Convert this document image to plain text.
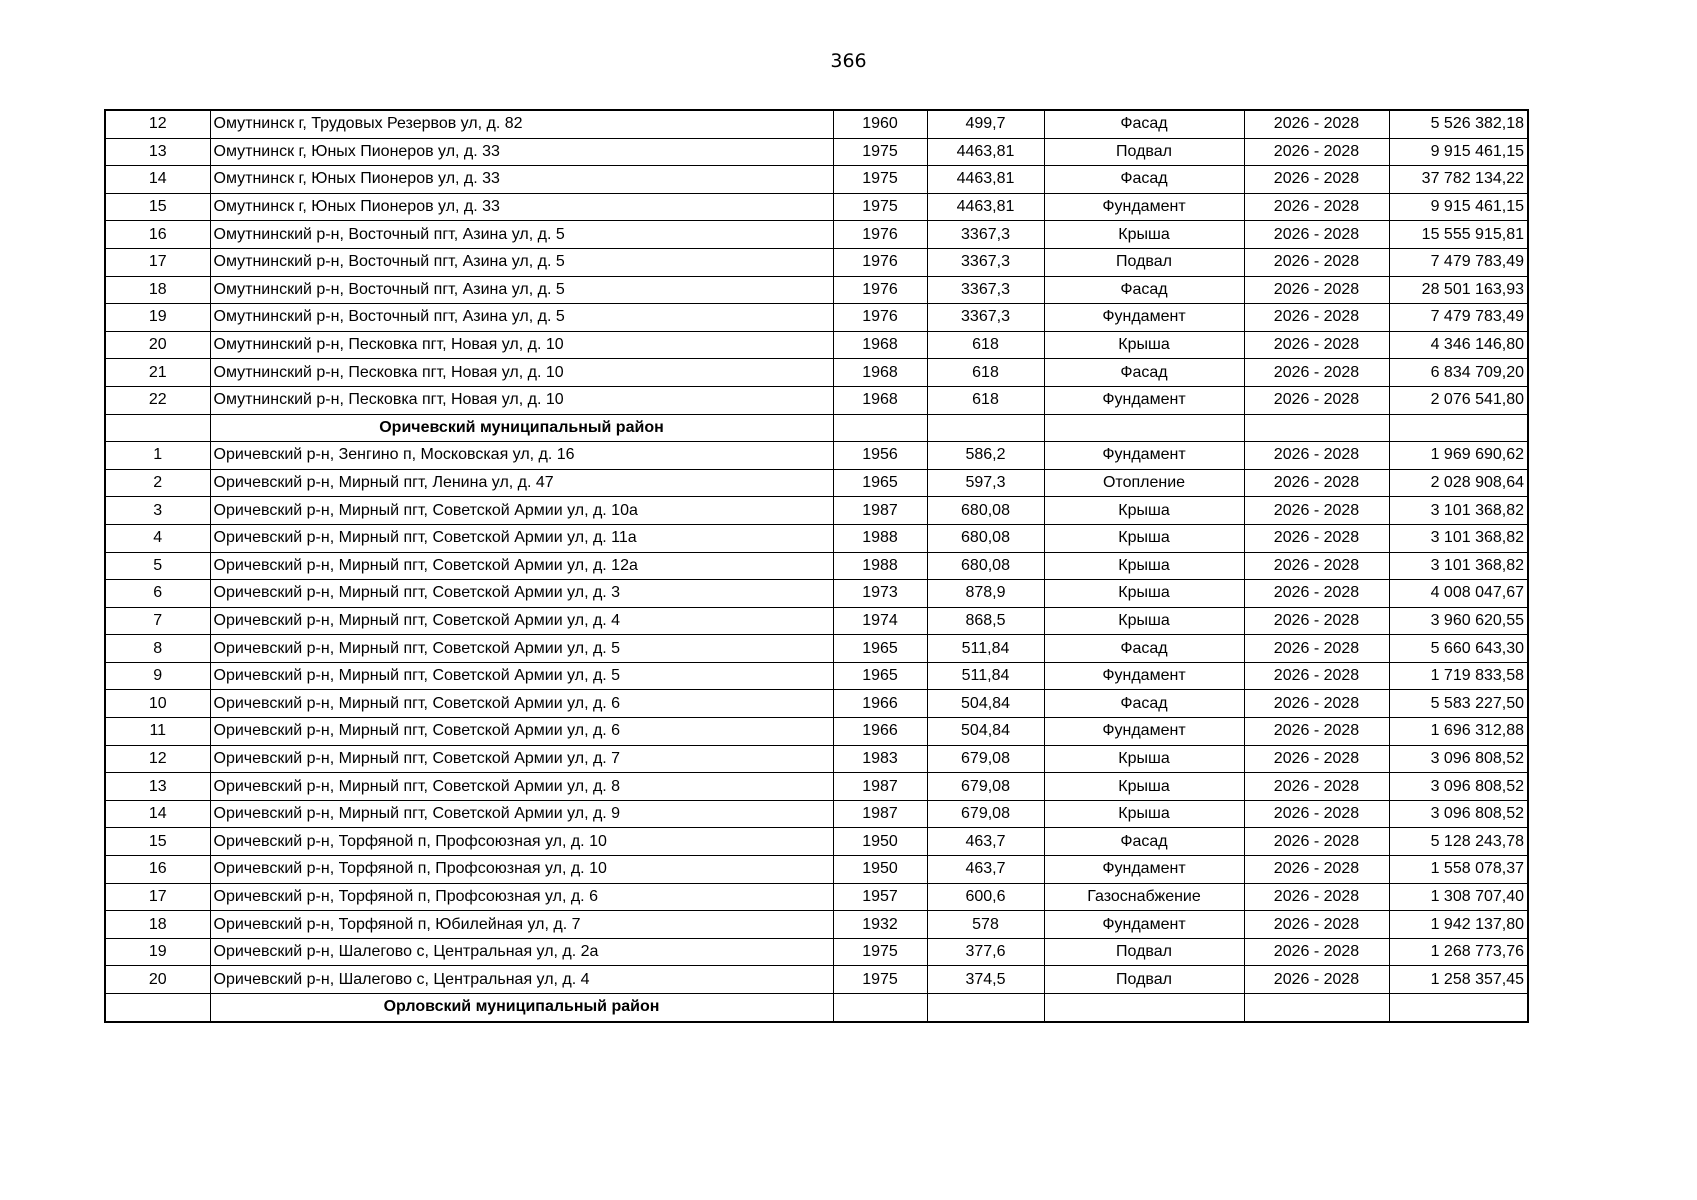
366
12	Омутнинск г, Трудовых Резервов ул, д. 82	1960	499,7	Фасад	2026 - 2028	5 526 382,18
13	Омутнинск г, Юных Пионеров ул, д. 33	1975	4463,81	Подвал	2026 - 2028	9 915 461,15
14	Омутнинск г, Юных Пионеров ул, д. 33	1975	4463,81	Фасад	2026 - 2028	37 782 134,22
15	Омутнинск г, Юных Пионеров ул, д. 33	1975	4463,81	Фундамент	2026 - 2028	9 915 461,15
16	Омутнинский р-н, Восточный пгт, Азина ул, д. 5	1976	3367,3	Крыша	2026 - 2028	15 555 915,81
17	Омутнинский р-н, Восточный пгт, Азина ул, д. 5	1976	3367,3	Подвал	2026 - 2028	7 479 783,49
18	Омутнинский р-н, Восточный пгт, Азина ул, д. 5	1976	3367,3	Фасад	2026 - 2028	28 501 163,93
19	Омутнинский р-н, Восточный пгт, Азина ул, д. 5	1976	3367,3	Фундамент	2026 - 2028	7 479 783,49
20	Омутнинский р-н, Песковка пгт, Новая ул, д. 10	1968	618	Крыша	2026 - 2028	4 346 146,80
21	Омутнинский р-н, Песковка пгт, Новая ул, д. 10	1968	618	Фасад	2026 - 2028	6 834 709,20
22	Омутнинский р-н, Песковка пгт, Новая ул, д. 10	1968	618	Фундамент	2026 - 2028	2 076 541,80
	Оричевский муниципальный район					
1	Оричевский р-н, Зенгино п, Московская ул, д. 16	1956	586,2	Фундамент	2026 - 2028	1 969 690,62
2	Оричевский р-н, Мирный пгт, Ленина ул, д. 47	1965	597,3	Отопление	2026 - 2028	2 028 908,64
3	Оричевский р-н, Мирный пгт, Советской Армии ул, д. 10а	1987	680,08	Крыша	2026 - 2028	3 101 368,82
4	Оричевский р-н, Мирный пгт, Советской Армии ул, д. 11а	1988	680,08	Крыша	2026 - 2028	3 101 368,82
5	Оричевский р-н, Мирный пгт, Советской Армии ул, д. 12а	1988	680,08	Крыша	2026 - 2028	3 101 368,82
6	Оричевский р-н, Мирный пгт, Советской Армии ул, д. 3	1973	878,9	Крыша	2026 - 2028	4 008 047,67
7	Оричевский р-н, Мирный пгт, Советской Армии ул, д. 4	1974	868,5	Крыша	2026 - 2028	3 960 620,55
8	Оричевский р-н, Мирный пгт, Советской Армии ул, д. 5	1965	511,84	Фасад	2026 - 2028	5 660 643,30
9	Оричевский р-н, Мирный пгт, Советской Армии ул, д. 5	1965	511,84	Фундамент	2026 - 2028	1 719 833,58
10	Оричевский р-н, Мирный пгт, Советской Армии ул, д. 6	1966	504,84	Фасад	2026 - 2028	5 583 227,50
11	Оричевский р-н, Мирный пгт, Советской Армии ул, д. 6	1966	504,84	Фундамент	2026 - 2028	1 696 312,88
12	Оричевский р-н, Мирный пгт, Советской Армии ул, д. 7	1983	679,08	Крыша	2026 - 2028	3 096 808,52
13	Оричевский р-н, Мирный пгт, Советской Армии ул, д. 8	1987	679,08	Крыша	2026 - 2028	3 096 808,52
14	Оричевский р-н, Мирный пгт, Советской Армии ул, д. 9	1987	679,08	Крыша	2026 - 2028	3 096 808,52
15	Оричевский р-н, Торфяной п, Профсоюзная ул, д. 10	1950	463,7	Фасад	2026 - 2028	5 128 243,78
16	Оричевский р-н, Торфяной п, Профсоюзная ул, д. 10	1950	463,7	Фундамент	2026 - 2028	1 558 078,37
17	Оричевский р-н, Торфяной п, Профсоюзная ул, д. 6	1957	600,6	Газоснабжение	2026 - 2028	1 308 707,40
18	Оричевский р-н, Торфяной п, Юбилейная ул, д. 7	1932	578	Фундамент	2026 - 2028	1 942 137,80
19	Оричевский р-н, Шалегово с, Центральная ул, д. 2а	1975	377,6	Подвал	2026 - 2028	1 268 773,76
20	Оричевский р-н, Шалегово с, Центральная ул, д. 4	1975	374,5	Подвал	2026 - 2028	1 258 357,45
	Орловский муниципальный район					
